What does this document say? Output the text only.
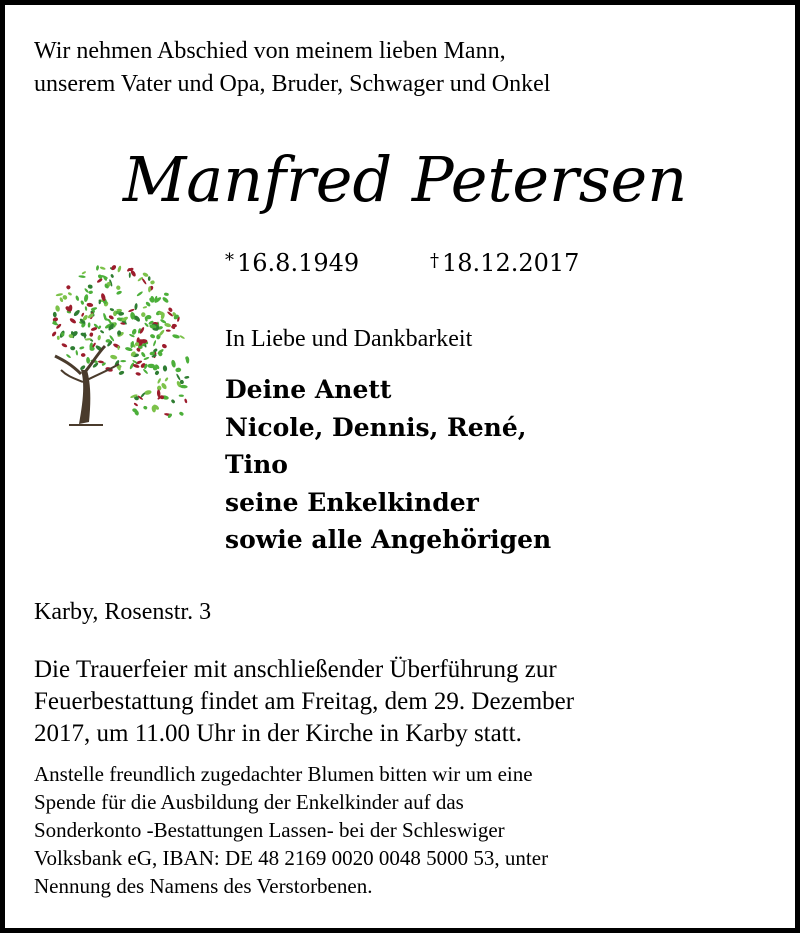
Wir nehmen Abschied von meinem lieben Mann,
unserem Vater und Opa, Bruder, Schwager und Onkel
Manfred Petersen
* 16.8.1949	† 18.12.2017
In Liebe und Dankbarkeit
Deine Anett
Nicole, Dennis, René,
Tino
seine Enkelkinder
sowie alle Angehörigen
Karby, Rosenstr. 3
Die Trauerfeier mit anschließender Überführung zur
Feuerbestattung findet am Freitag, dem 29. Dezember
2017, um 11.00 Uhr in der Kirche in Karby statt.
Anstelle freundlich zugedachter Blumen bitten wir um eine
Spende für die Ausbildung der Enkelkinder auf das
Sonderkonto -Bestattungen Lassen- bei der Schleswiger
Volksbank eG, IBAN: DE 48 2169 0020 0048 5000 53, unter
Nennung des Namens des Verstorbenen.
